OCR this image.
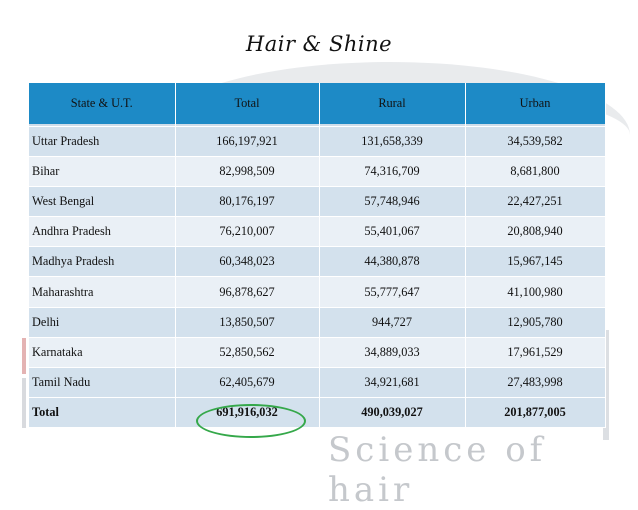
Science of hair
Hair & Shine
State & U.T.	Total	Rural	Urban

Uttar Pradesh	166,197,921	131,658,339	34,539,582
Bihar	82,998,509	74,316,709	8,681,800
West Bengal	80,176,197	57,748,946	22,427,251
Andhra Pradesh	76,210,007	55,401,067	20,808,940
Madhya Pradesh	60,348,023	44,380,878	15,967,145
Maharashtra	96,878,627	55,777,647	41,100,980
Delhi	13,850,507	944,727	12,905,780
Karnataka	52,850,562	34,889,033	17,961,529
Tamil Nadu	62,405,679	34,921,681	27,483,998
Total	691,916,032	490,039,027	201,877,005
